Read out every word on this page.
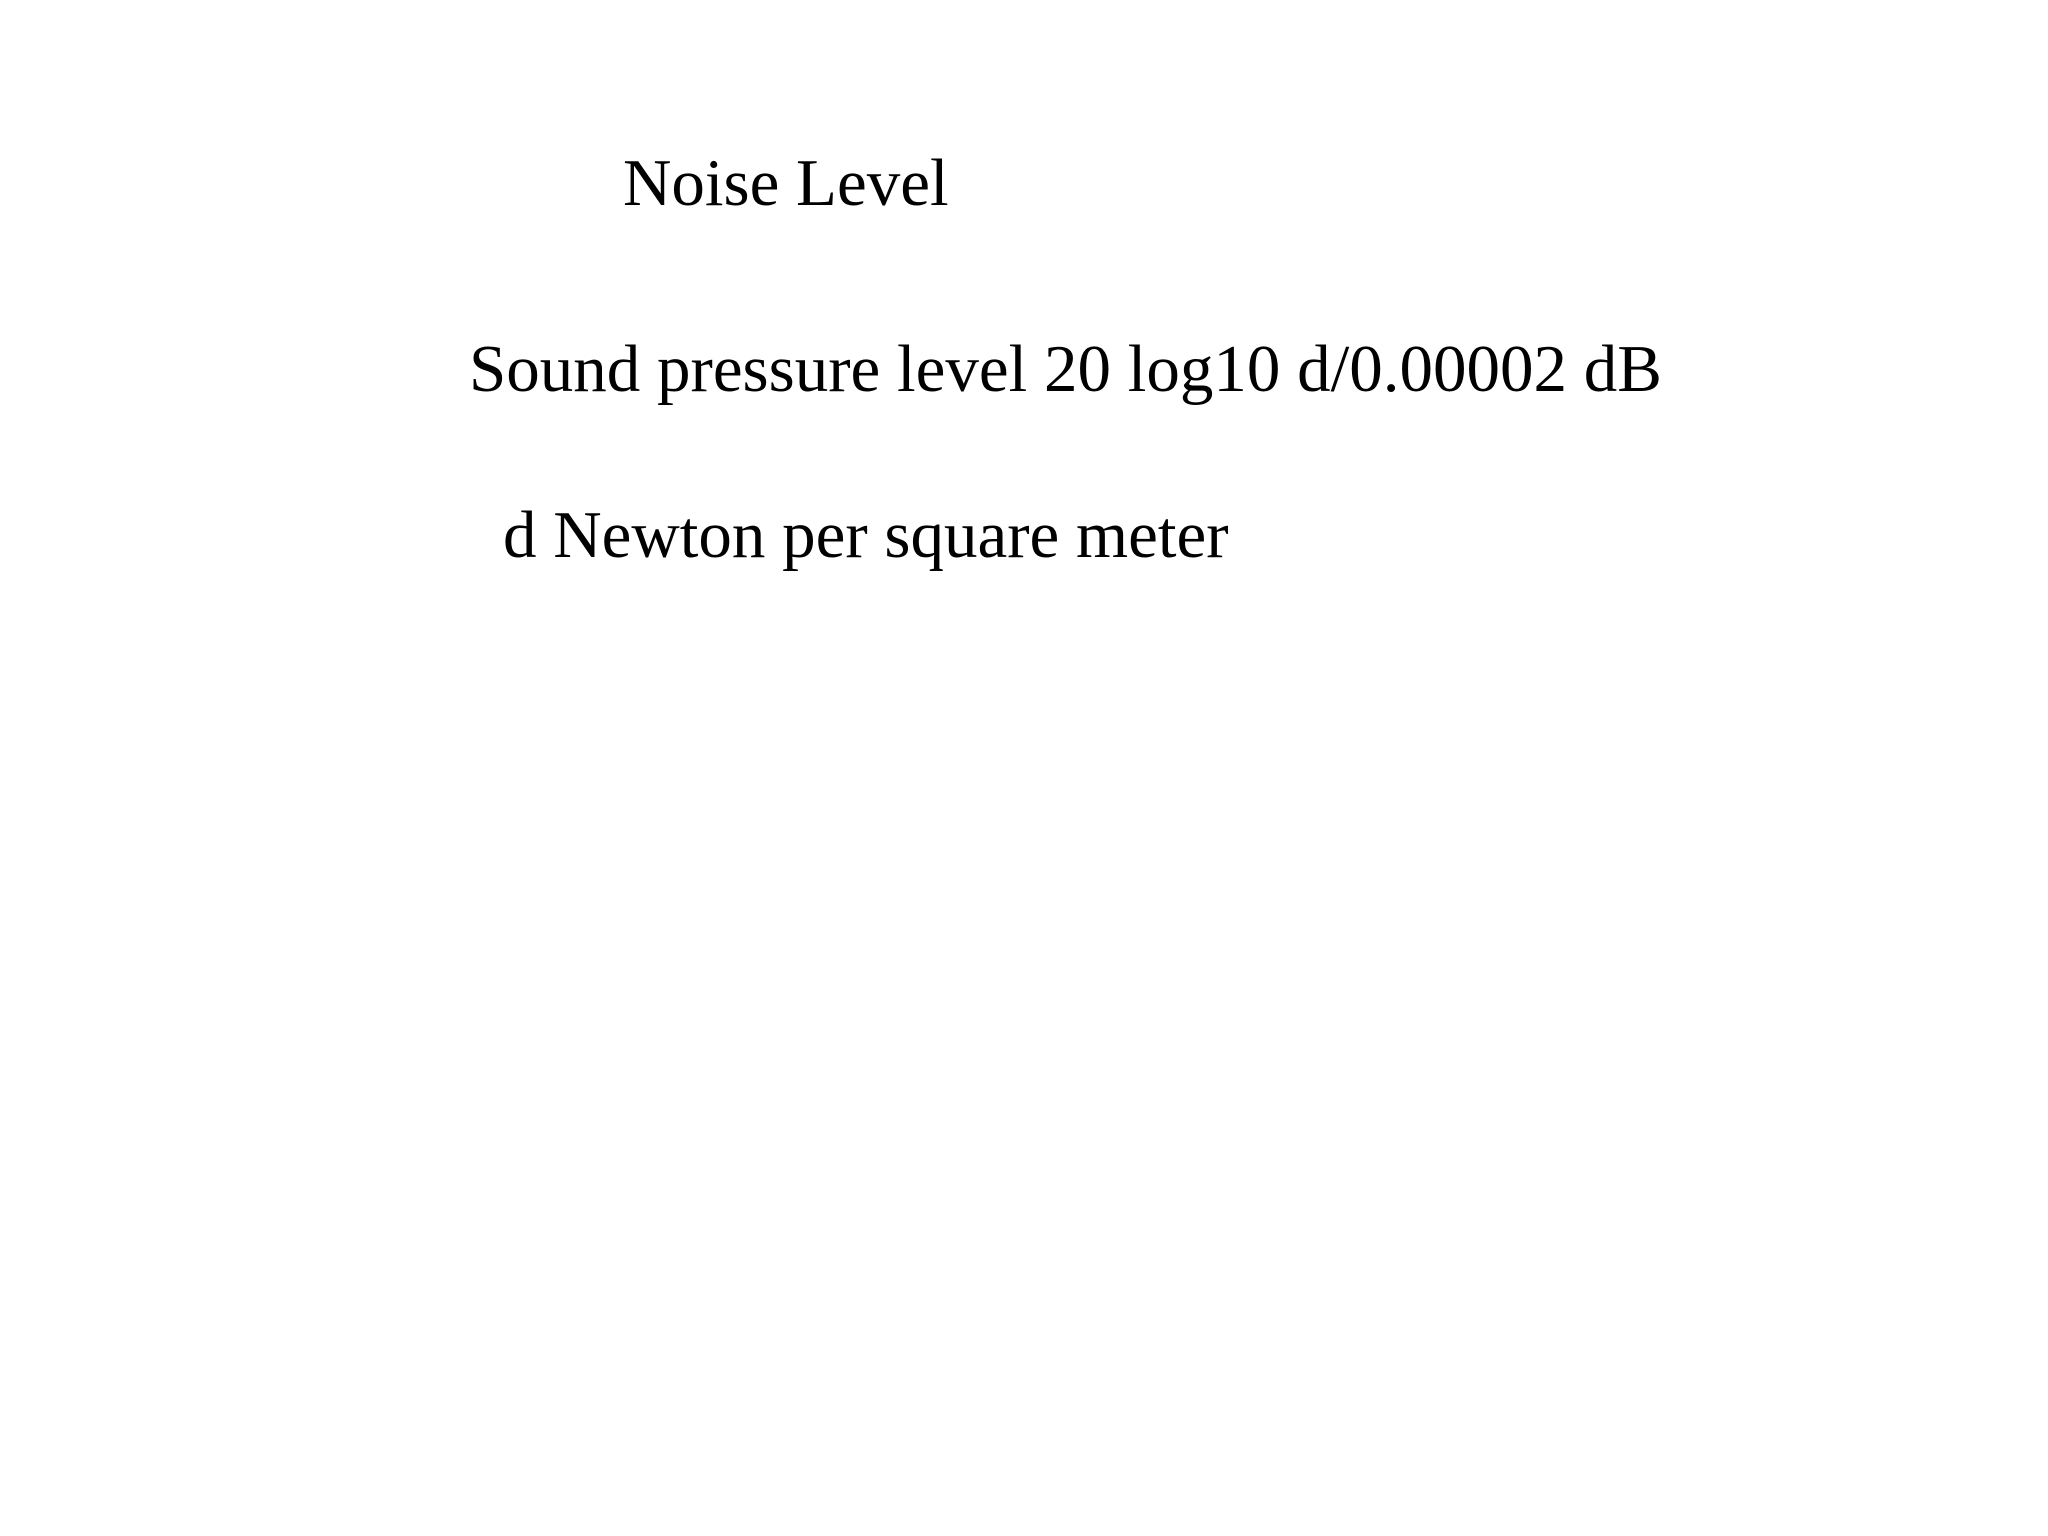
Noise Level

Sound pressure level 20 log10 d/0.00002 dB

d Newton per square meter
